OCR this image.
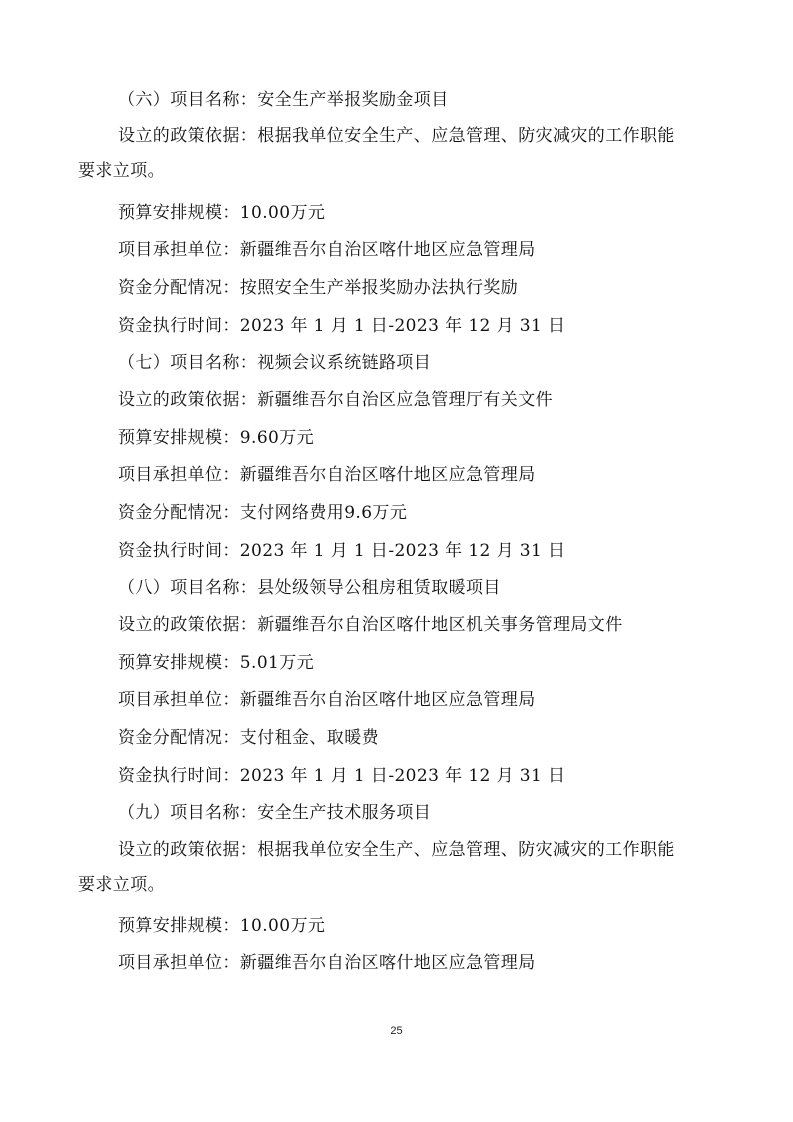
（六）项目名称：安全生产举报奖励金项目
设立的政策依据：根据我单位安全生产、应急管理、防灾减灾的工作职能
要求立项。
预算安排规模：10.00万元
项目承担单位：新疆维吾尔自治区喀什地区应急管理局
资金分配情况：按照安全生产举报奖励办法执行奖励
资金执行时间：2023 年 1 月 1 日-2023 年 12 月 31 日
（七）项目名称：视频会议系统链路项目
设立的政策依据：新疆维吾尔自治区应急管理厅有关文件
预算安排规模：9.60万元
项目承担单位：新疆维吾尔自治区喀什地区应急管理局
资金分配情况：支付网络费用9.6万元
资金执行时间：2023 年 1 月 1 日-2023 年 12 月 31 日
（八）项目名称：县处级领导公租房租赁取暖项目
设立的政策依据：新疆维吾尔自治区喀什地区机关事务管理局文件
预算安排规模：5.01万元
项目承担单位：新疆维吾尔自治区喀什地区应急管理局
资金分配情况：支付租金、取暖费
资金执行时间：2023 年 1 月 1 日-2023 年 12 月 31 日
（九）项目名称：安全生产技术服务项目
设立的政策依据：根据我单位安全生产、应急管理、防灾减灾的工作职能
要求立项。
预算安排规模：10.00万元
项目承担单位：新疆维吾尔自治区喀什地区应急管理局
25
